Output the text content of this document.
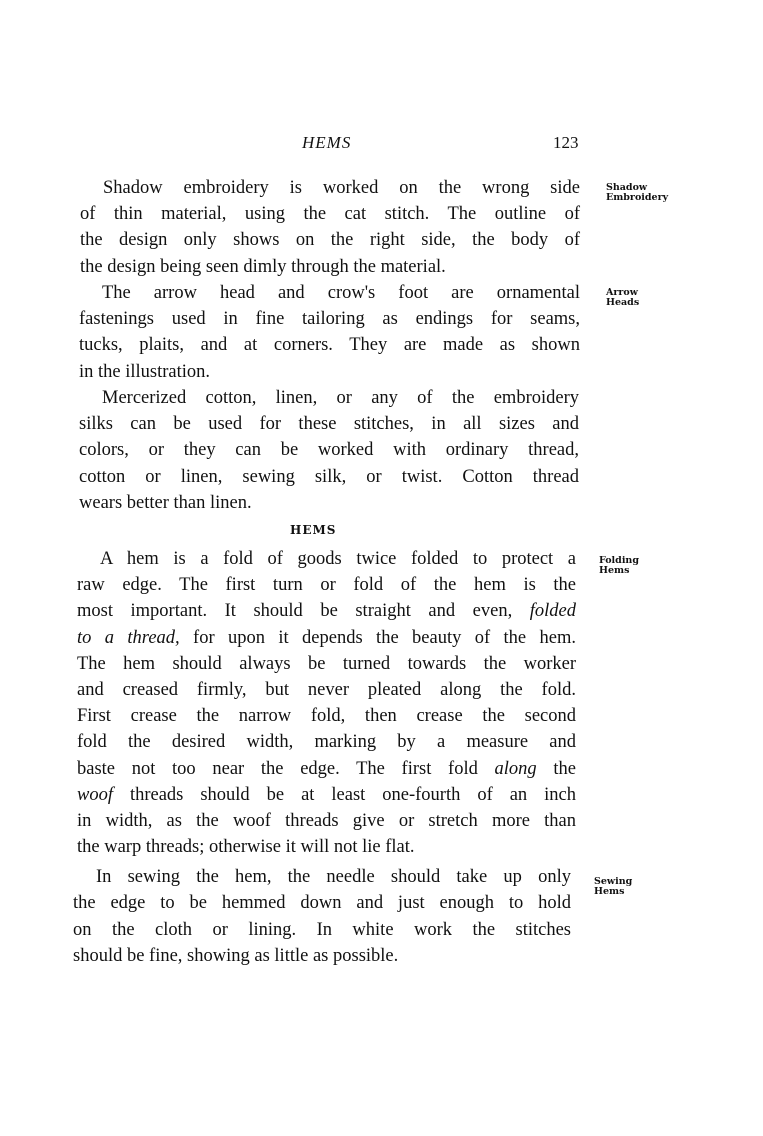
HEMS	123
HEMS
Shadow
Embroidery
Arrow
Heads
Folding
Hems
Sewing
Hems
Shadow embroidery is worked on the wrong side
of thin material, using the cat stitch. The outline of
the design only shows on the right side, the body of
the design being seen dimly through the material.
The arrow head and crow's foot are ornamental
fastenings used in fine tailoring as endings for seams,
tucks, plaits, and at corners. They are made as shown
in the illustration.
Mercerized cotton, linen, or any of the embroidery
silks can be used for these stitches, in all sizes and
colors, or they can be worked with ordinary thread,
cotton or linen, sewing silk, or twist. Cotton thread
wears better than linen.
A hem is a fold of goods twice folded to protect a
raw edge. The first turn or fold of the hem is the
most important. It should be straight and even, folded
to a thread, for upon it depends the beauty of the hem.
The hem should always be turned towards the worker
and creased firmly, but never pleated along the fold.
First crease the narrow fold, then crease the second
fold the desired width, marking by a measure and
baste not too near the edge. The first fold along the
woof threads should be at least one-fourth of an inch
in width, as the woof threads give or stretch more than
the warp threads; otherwise it will not lie flat.
In sewing the hem, the needle should take up only
the edge to be hemmed down and just enough to hold
on the cloth or lining. In white work the stitches
should be fine, showing as little as possible.
